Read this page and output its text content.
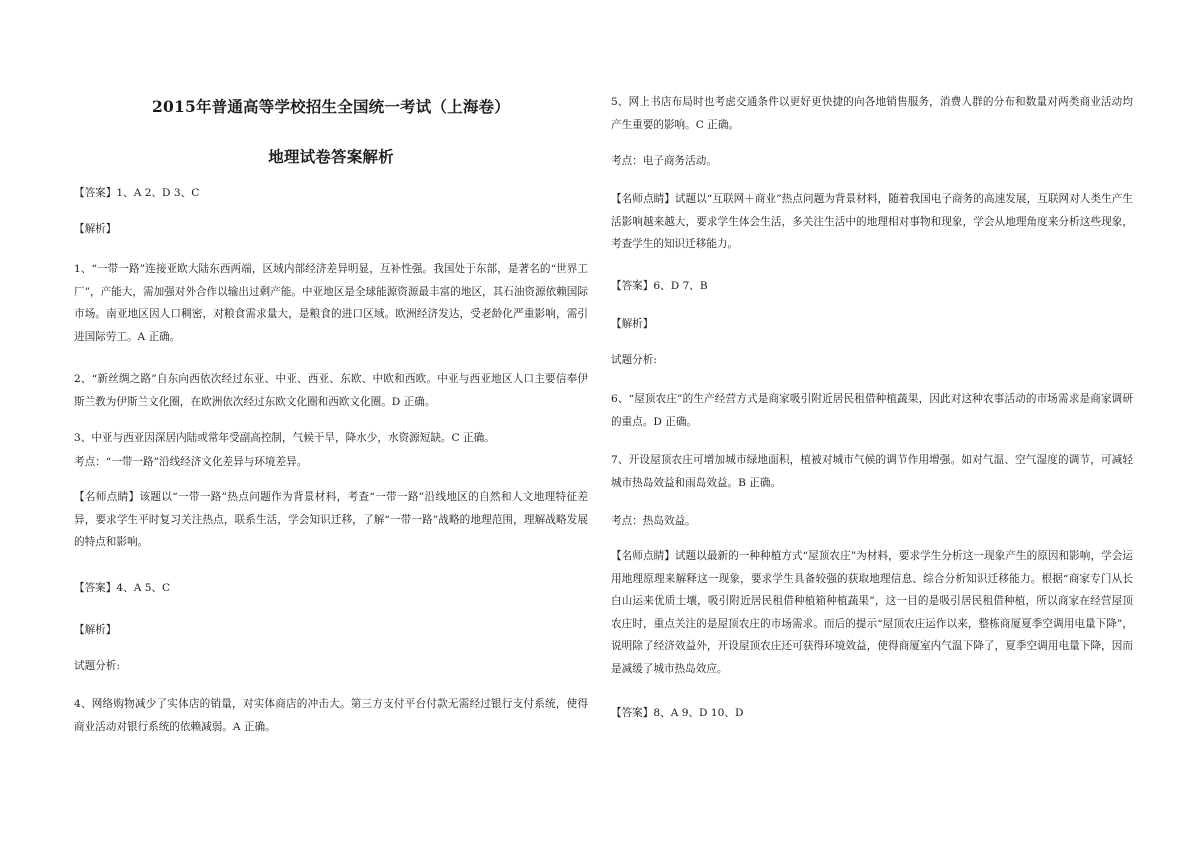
2015年普通高等学校招生全国统一考试（上海卷）
地理试卷答案解析

【答案】1、A 2、D 3、C

【解析】

1、“一带一路”连接亚欧大陆东西两端，区域内部经济差异明显，互补性强。我国处于东部，是著名的“世界工厂”，产能大，需加强对外合作以输出过剩产能。中亚地区是全球能源资源最丰富的地区，其石油资源依赖国际市场。南亚地区因人口稠密，对粮食需求量大，是粮食的进口区域。欧洲经济发达，受老龄化严重影响，需引进国际劳工。A 正确。

2、“新丝绸之路”自东向西依次经过东亚、中亚、西亚、东欧、中欧和西欧。中亚与西亚地区人口主要信奉伊斯兰教为伊斯兰文化圈，在欧洲依次经过东欧文化圈和西欧文化圈。D 正确。

3、中亚与西亚因深居内陆或常年受副高控制，气候干旱，降水少，水资源短缺。C 正确。

考点：“一带一路”沿线经济文化差异与环境差异。

【名师点睛】该题以“一带一路”热点问题作为背景材料，考查“一带一路”沿线地区的自然和人文地理特征差异，要求学生平时复习关注热点，联系生活，学会知识迁移，了解“一带一路”战略的地理范围，理解战略发展的特点和影响。

【答案】4、A 5、C

【解析】

试题分析:

4、网络购物减少了实体店的销量，对实体商店的冲击大。第三方支付平台付款无需经过银行支付系统，使得商业活动对银行系统的依赖减弱。A 正确。

5、网上书店布局时也考虑交通条件以更好更快捷的向各地销售服务，消费人群的分布和数量对两类商业活动均产生重要的影响。C 正确。

考点：电子商务活动。

【名师点睛】试题以“互联网＋商业”热点问题为背景材料，随着我国电子商务的高速发展，互联网对人类生产生活影响越来越大，要求学生体会生活，多关注生活中的地理相对事物和现象，学会从地理角度来分析这些现象，考查学生的知识迁移能力。

【答案】6、D 7、B

【解析】

试题分析:

6、“屋顶农庄”的生产经营方式是商家吸引附近居民租借种植蔬果，因此对这种农事活动的市场需求是商家调研的重点。D 正确。

7、开设屋顶农庄可增加城市绿地面积，植被对城市气候的调节作用增强。如对气温、空气湿度的调节，可减轻城市热岛效益和雨岛效益。B 正确。

考点：热岛效益。

【名师点睛】试题以最新的一种种植方式“屋顶农庄”为材料，要求学生分析这一现象产生的原因和影响，学会运用地理原理来解释这一现象，要求学生具备较强的获取地理信息、综合分析知识迁移能力。根据“商家专门从长白山运来优质土壤，吸引附近居民租借种植箱种植蔬果”，这一目的是吸引居民租借种植，所以商家在经营屋顶农庄时，重点关注的是屋顶农庄的市场需求。而后的提示“屋顶农庄运作以来，整栋商厦夏季空调用电量下降”，说明除了经济效益外，开设屋顶农庄还可获得环境效益，使得商厦室内气温下降了，夏季空调用电量下降，因而是减缓了城市热岛效应。

【答案】8、A 9、D 10、D
